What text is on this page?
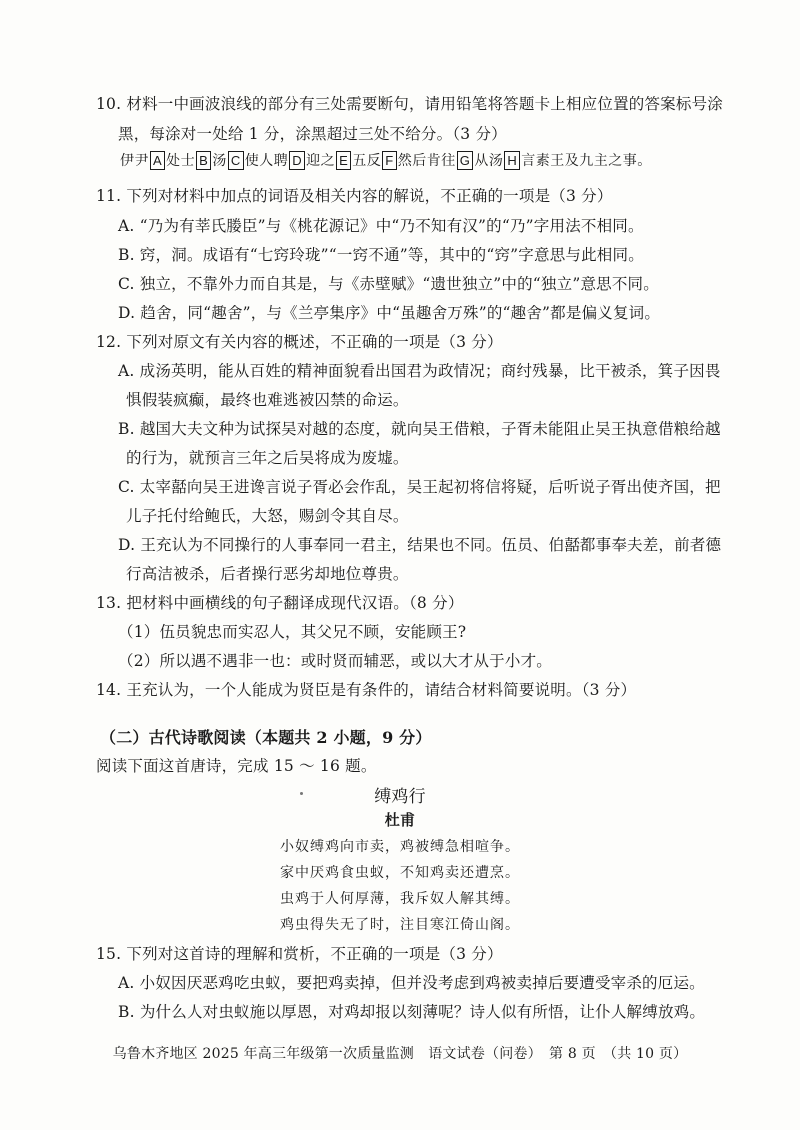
10. 材料一中画波浪线的部分有三处需要断句，请用铅笔将答题卡上相应位置的答案标号涂
黑，每涂对一处给 1 分，涂黑超过三处不给分。（3 分）
伊尹 A 处士 B 汤 C 使人聘 D 迎之 E 五反 F 然后肯往 G 从汤 H 言素王及九主之事。
11. 下列对材料中加点的词语及相关内容的解说，不正确的一项是（3 分）
A. “乃为有莘氏媵臣”与《桃花源记》中“乃不知有汉”的“乃”字用法不相同。
B. 窍，洞。成语有“七窍玲珑”“一窍不通”等，其中的“窍”字意思与此相同。
C. 独立，不靠外力而自其是，与《赤壁赋》“遗世独立”中的“独立”意思不同。
D. 趋舍，同“趣舍”，与《兰亭集序》中“虽趣舍万殊”的“趣舍”都是偏义复词。
12. 下列对原文有关内容的概述，不正确的一项是（3 分）
A. 成汤英明，能从百姓的精神面貌看出国君为政情况；商纣残暴，比干被杀，箕子因畏
惧假装疯癫，最终也难逃被囚禁的命运。
B. 越国大夫文种为试探吴对越的态度，就向吴王借粮，子胥未能阻止吴王执意借粮给越
的行为，就预言三年之后吴将成为废墟。
C. 太宰嚭向吴王进谗言说子胥必会作乱，吴王起初将信将疑，后听说子胥出使齐国，把
儿子托付给鲍氏，大怒，赐剑令其自尽。
D. 王充认为不同操行的人事奉同一君主，结果也不同。伍员、伯嚭都事奉夫差，前者德
行高洁被杀，后者操行恶劣却地位尊贵。
13. 把材料中画横线的句子翻译成现代汉语。（8 分）
（1）伍员貌忠而实忍人，其父兄不顾，安能顾王?
（2）所以遇不遇非一也：或时贤而辅恶，或以大才从于小才。
14. 王充认为，一个人能成为贤臣是有条件的，请结合材料简要说明。（3 分）
（二）古代诗歌阅读（本题共 2 小题，9 分）
阅读下面这首唐诗，完成 15 ～ 16 题。
缚鸡行
杜甫
小奴缚鸡向市卖，鸡被缚急相喧争。
家中厌鸡食虫蚁，不知鸡卖还遭烹。
虫鸡于人何厚薄，我斥奴人解其缚。
鸡虫得失无了时，注目寒江倚山阁。
15. 下列对这首诗的理解和赏析，不正确的一项是（3 分）
A. 小奴因厌恶鸡吃虫蚁，要把鸡卖掉，但并没考虑到鸡被卖掉后要遭受宰杀的厄运。
B. 为什么人对虫蚁施以厚恩，对鸡却报以刻薄呢？诗人似有所悟，让仆人解缚放鸡。
乌鲁木齐地区 2025 年高三年级第一次质量监测　语文试卷（问卷）　第 8 页　（共 10 页）
